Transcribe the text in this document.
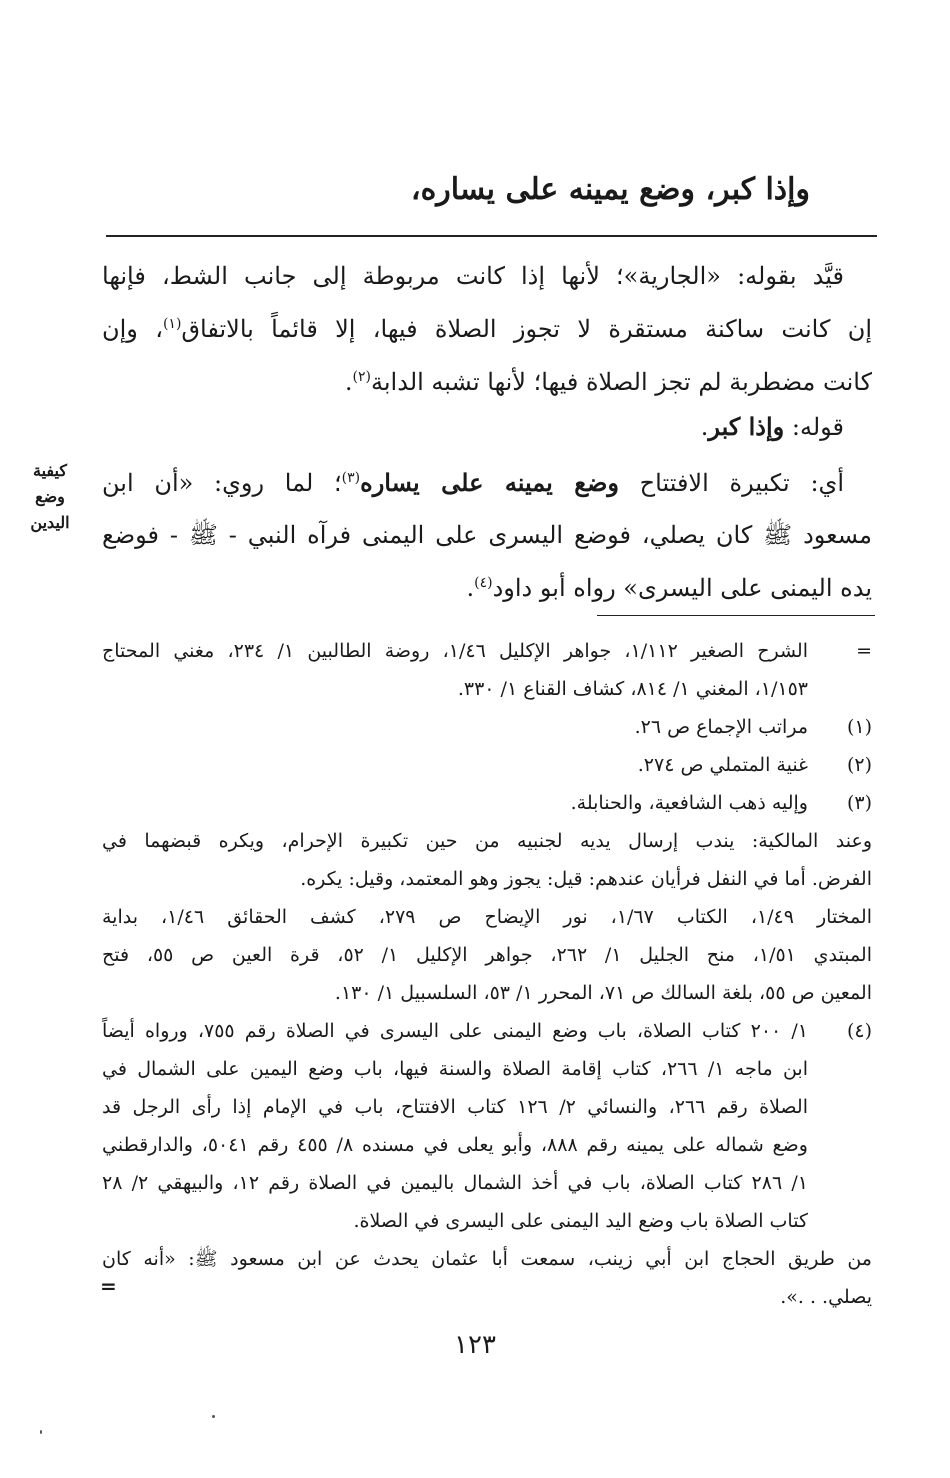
وإذا كبر، وضع يمينه على يساره،
قيَّد بقوله: «الجارية»؛ لأنها إذا كانت مربوطة إلى جانب الشط، فإنها
إن كانت ساكنة مستقرة لا تجوز الصلاة فيها، إلا قائماً بالاتفاق$^{(١)}$، وإن
كانت مضطربة لم تجز الصلاة فيها؛ لأنها تشبه الدابة$^{(٢)}$.
قوله: وإذا كبر.
أي: تكبيرة الافتتاح وضع يمينه على يساره$^{(٣)}$؛ لما روي: «أن ابن
مسعود ﷺ كان يصلي، فوضع اليسرى على اليمنى فرآه النبي - ﷺ - فوضع
يده اليمنى على اليسرى» رواه أبو داود$^{(٤)}$.
كيفية
وضع
اليدين
=
الشرح الصغير ١/١١٢، جواهر الإكليل ١/٤٦، روضة الطالبين ١/ ٢٣٤، مغني المحتاج
١/١٥٣، المغني ١/ ٨١٤، كشاف القناع ١/ ٣٣٠.
(١)
مراتب الإجماع ص ٢٦.
(٢)
غنية المتملي ص ٢٧٤.
(٣)
وإليه ذهب الشافعية، والحنابلة.
وعند المالكية: يندب إرسال يديه لجنبيه من حين تكبيرة الإحرام، ويكره قبضهما في
الفرض. أما في النفل فرأيان عندهم: قيل: يجوز وهو المعتمد، وقيل: يكره.
المختار ١/٤٩، الكتاب ١/٦٧، نور الإيضاح ص ٢٧٩، كشف الحقائق ١/٤٦، بداية
المبتدي ١/٥١، منح الجليل ١/ ٢٦٢، جواهر الإكليل ١/ ٥٢، قرة العين ص ٥٥، فتح
المعين ص ٥٥، بلغة السالك ص ٧١، المحرر ١/ ٥٣، السلسبيل ١/ ١٣٠.
(٤)
١/ ٢٠٠ كتاب الصلاة، باب وضع اليمنى على اليسرى في الصلاة رقم ٧٥٥، ورواه أيضاً
ابن ماجه ١/ ٢٦٦، كتاب إقامة الصلاة والسنة فيها، باب وضع اليمين على الشمال في
الصلاة رقم ٢٦٦، والنسائي ٢/ ١٢٦ كتاب الافتتاح، باب في الإمام إذا رأى الرجل قد
وضع شماله على يمينه رقم ٨٨٨، وأبو يعلى في مسنده ٨/ ٤٥٥ رقم ٥٠٤١، والدارقطني
١/ ٢٨٦ كتاب الصلاة، باب في أخذ الشمال باليمين في الصلاة رقم ١٢، والبيهقي ٢/ ٢٨
كتاب الصلاة باب وضع اليد اليمنى على اليسرى في الصلاة.
من طريق الحجاج ابن أبي زينب، سمعت أبا عثمان يحدث عن ابن مسعود ﷺ: «أنه كان
يصلي. . .».
=
١٢٣
